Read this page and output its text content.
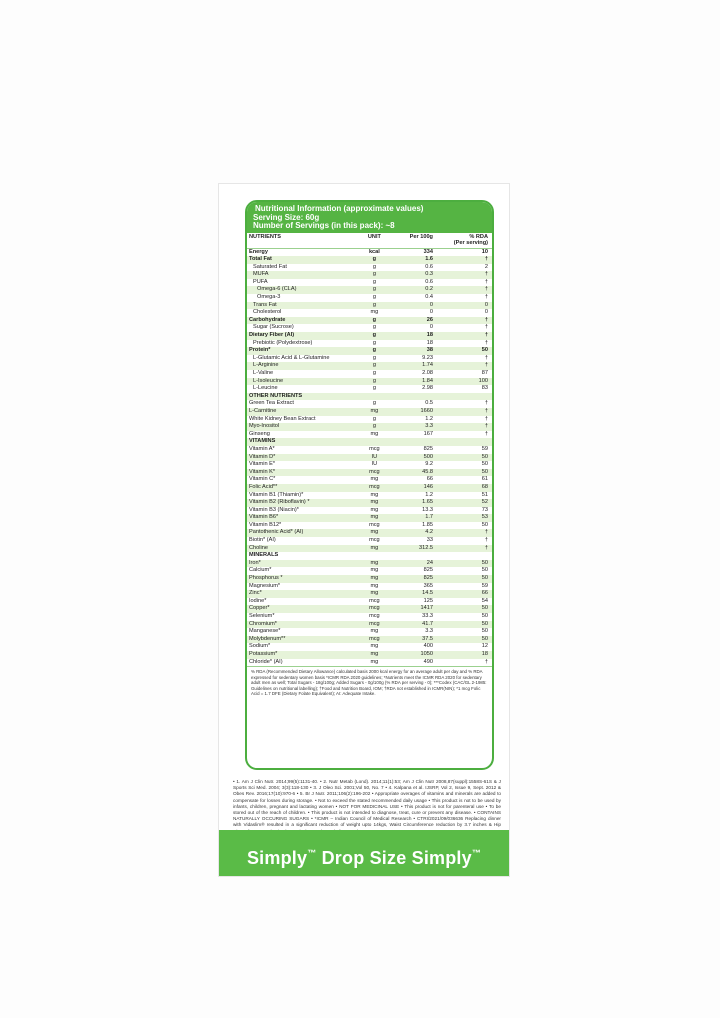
Nutritional Information (approximate values)
Serving Size: 60g
Number of Servings (in this pack): ~8
NUTRIENTS	UNIT	Per 100g	% RDA
(Per serving)
Energy	kcal	334	10
Total Fat	g	1.6	†
Saturated Fat	g	0.6	2
MUFA	g	0.3	†
PUFA	g	0.6	†
Omega-6 (CLA)	g	0.2	†
Omega-3	g	0.4	†
Trans Fat	g	0	0
Cholesterol	mg	0	0
Carbohydrate	g	26	†
Sugar (Sucrose)	g	0	†
Dietary Fiber (AI)	g	18	†
Prebiotic (Polydextrose)	g	18	†
Protein*	g	38	50
L-Glutamic Acid & L-Glutamine	g	9.23	†
L-Arginine	g	1.74	†
L-Valine	g	2.08	87
L-Isoleucine	g	1.84	100
L-Leucine	g	2.98	83
OTHER NUTRIENTS			
Green Tea Extract	g	0.5	†
L-Carnitine	mg	1660	†
White Kidney Bean Extract	g	1.2	†
Myo-Inositol	g	3.3	†
Ginseng	mg	167	†
VITAMINS			
Vitamin A*	mcg	825	59
Vitamin D*	IU	500	50
Vitamin E*	IU	9.2	50
Vitamin K*	mcg	45.8	50
Vitamin C*	mg	66	61
Folic Acid**	mcg	146	68
Vitamin B1 (Thiamin)*	mg	1.2	51
Vitamin B2 (Riboflavin) *	mg	1.65	52
Vitamin B3 (Niacin)*	mg	13.3	73
Vitamin B6*	mg	1.7	53
Vitamin B12*	mcg	1.85	50
Pantothenic Acid* (AI)	mg	4.2	†
Biotin* (AI)	mcg	33	†
Choline	mg	312.5	†
MINERALS			
Iron*	mg	24	50
Calcium*	mg	825	50
Phosphorus *	mg	825	50
Magnesium*	mg	365	59
Zinc*	mg	14.5	66
Iodine*	mcg	125	54
Copper*	mcg	1417	50
Selenium*	mcg	33.3	50
Chromium*	mcg	41.7	50
Manganese*	mg	3.3	50
Molybdenum**	mcg	37.5	50
Sodium*	mg	400	12
Potassium*	mg	1050	18
Chloride* (AI)	mg	490	†
% RDA (Recommended Dietary Allowance) calculated basis 2000 kcal energy for an average adult per day and % RDA expressed for sedentary women basis *ICMR RDA 2020 guidelines; *Nutrients meet the ICMR RDA 2020 for sedentary adult men as well; Total Sugars - 18g/100g; Added Sugars - 0g/100g (% RDA per serving - 0); ***Codex (CAC/GL 2-1985: Guidelines on nutritional labelling); †Food and Nutrition Board, IOM; †RDA not established in ICMR(NIN); *1 mcg Folic Acid = 1.7 DFE (Dietary Folate Equivalent); AI: Adequate Intake.
• 1. Am J Clin Nutr. 2014;99(5):1131-40. • 2. Nutr Metab (Lond). 2014;11(1):53; Am J Clin Nutr 2008,87(suppl):1558S-61S & J Sports Sci Med. 2004; 3(3):118-130 • 3. J Oleo Sci. 2001;Vol 50, No. 7 • 4. Kalpana et al. IJSRP, Vol 2, Issue 9, Sept. 2012 & Obes Rev. 2016;17(10):970-6 • 5. Br J Nutr. 2011;106(2):196-202 • Appropriate overages of vitamins and minerals are added to compensate for losses during storage. • Not to exceed the stated recommended daily usage • This product is not to be used by infants, children, pregnant and lactating women • NOT FOR MEDICINAL USE • This product is not for parenteral use • To be stored out of the reach of children. • This product is not intended to diagnose, treat, cure or prevent any disease. • CONTAINS NATURALLY OCCURING SUGARS • *ICMR – Indian Council of Medical Research • CTRI/2021/09/036636 Replacing dinner with Vidaslim® resulted in a significant reduction of weight upto 14kgs, Waist Circumference reduction by 3.7 inches & Hip
Simply™ Drop Size Simply™
